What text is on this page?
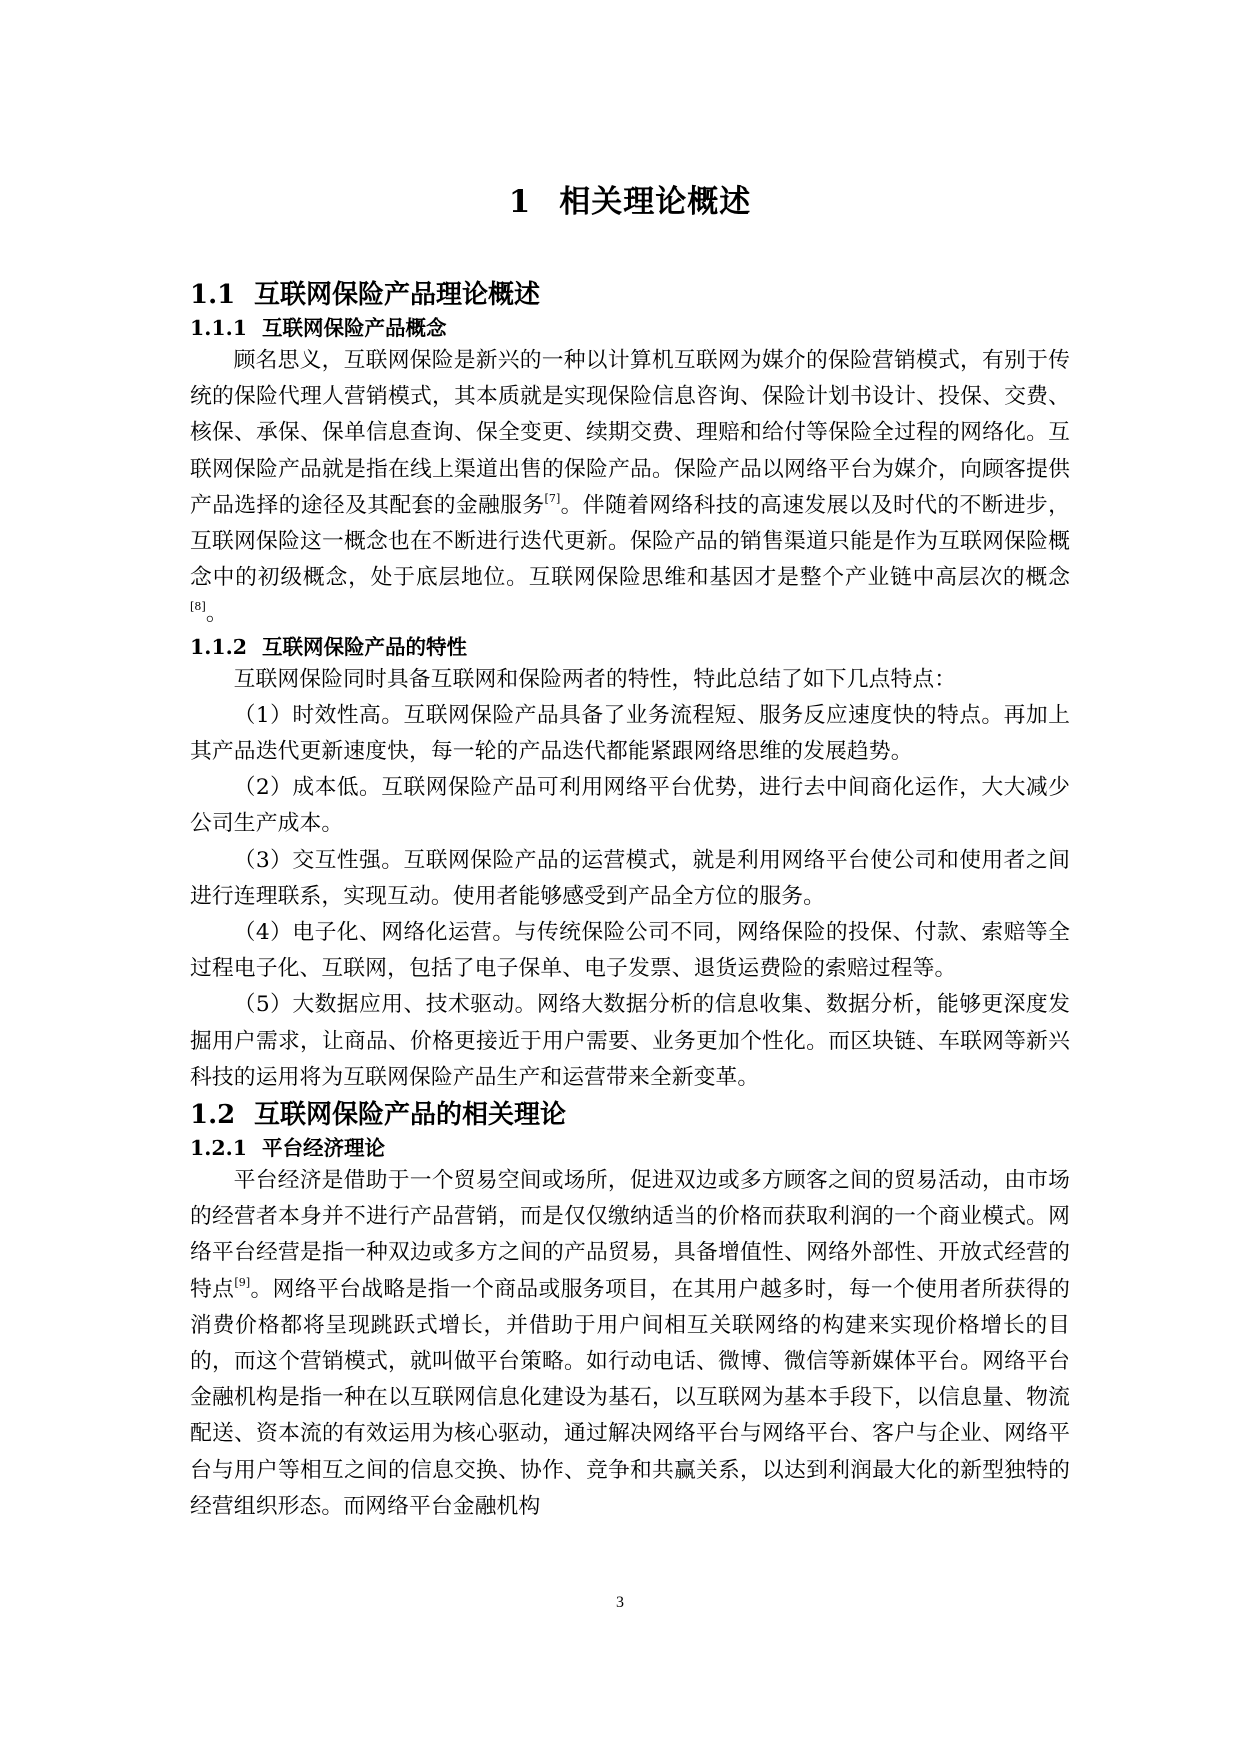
1 相关理论概述
1.1 互联网保险产品理论概述
1.1.1 互联网保险产品概念

顾名思义，互联网保险是新兴的一种以计算机互联网为媒介的保险营销模式，有别于传统的保险代理人营销模式，其本质就是实现保险信息咨询、保险计划书设计、投保、交费、核保、承保、保单信息查询、保全变更、续期交费、理赔和给付等保险全过程的网络化。互联网保险产品就是指在线上渠道出售的保险产品。保险产品以网络平台为媒介，向顾客提供产品选择的途径及其配套的金融服务[7]。伴随着网络科技的高速发展以及时代的不断进步，互联网保险这一概念也在不断进行迭代更新。保险产品的销售渠道只能是作为互联网保险概念中的初级概念，处于底层地位。互联网保险思维和基因才是整个产业链中高层次的概念[8]。

1.1.2 互联网保险产品的特性

互联网保险同时具备互联网和保险两者的特性，特此总结了如下几点特点：

（1）时效性高。互联网保险产品具备了业务流程短、服务反应速度快的特点。再加上其产品迭代更新速度快，每一轮的产品迭代都能紧跟网络思维的发展趋势。

（2）成本低。互联网保险产品可利用网络平台优势，进行去中间商化运作，大大减少公司生产成本。

（3）交互性强。互联网保险产品的运营模式，就是利用网络平台使公司和使用者之间进行连理联系，实现互动。使用者能够感受到产品全方位的服务。

（4）电子化、网络化运营。与传统保险公司不同，网络保险的投保、付款、索赔等全过程电子化、互联网，包括了电子保单、电子发票、退货运费险的索赔过程等。

（5）大数据应用、技术驱动。网络大数据分析的信息收集、数据分析，能够更深度发掘用户需求，让商品、价格更接近于用户需要、业务更加个性化。而区块链、车联网等新兴科技的运用将为互联网保险产品生产和运营带来全新变革。

1.2 互联网保险产品的相关理论
1.2.1 平台经济理论

平台经济是借助于一个贸易空间或场所，促进双边或多方顾客之间的贸易活动，由市场的经营者本身并不进行产品营销，而是仅仅缴纳适当的价格而获取利润的一个商业模式。网络平台经营是指一种双边或多方之间的产品贸易，具备增值性、网络外部性、开放式经营的特点[9]。网络平台战略是指一个商品或服务项目，在其用户越多时，每一个使用者所获得的消费价格都将呈现跳跃式增长，并借助于用户间相互关联网络的构建来实现价格增长的目的，而这个营销模式，就叫做平台策略。如行动电话、微博、微信等新媒体平台。网络平台金融机构是指一种在以互联网信息化建设为基石，以互联网为基本手段下，以信息量、物流配送、资本流的有效运用为核心驱动，通过解决网络平台与网络平台、客户与企业、网络平台与用户等相互之间的信息交换、协作、竞争和共赢关系，以达到利润最大化的新型独特的经营组织形态。而网络平台金融机构

3
